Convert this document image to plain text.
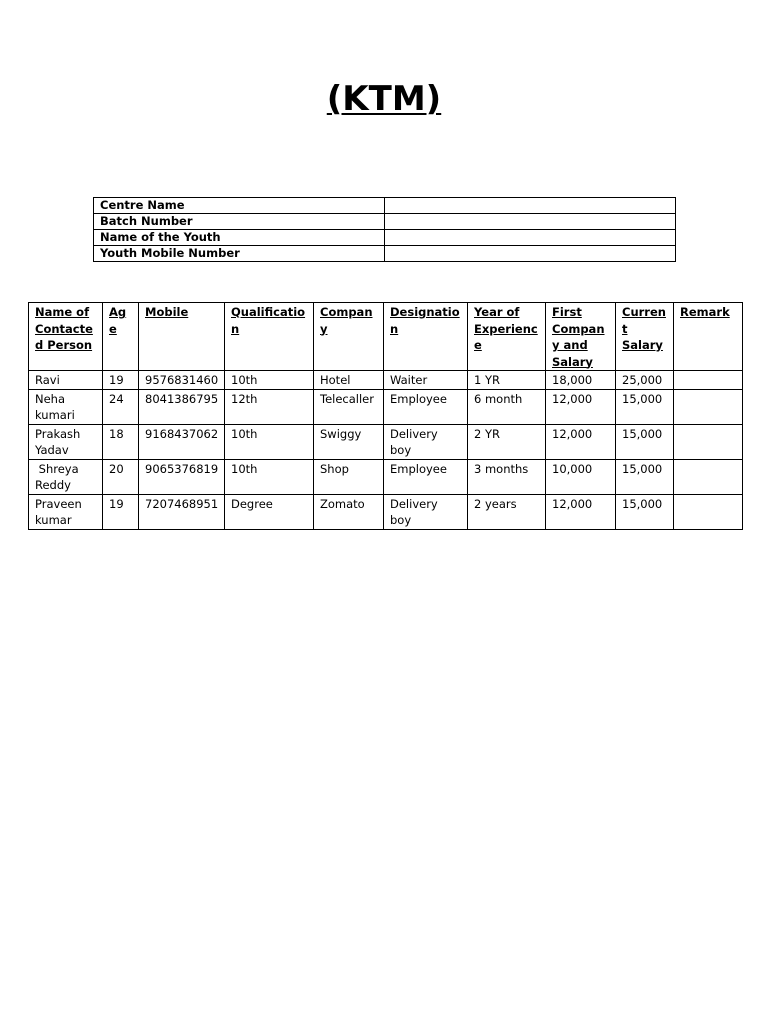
(KTM)
Centre Name	
Batch Number	
Name of the Youth	
Youth Mobile Number	
Name of Contacted Person	Age	Mobile	Qualification	Company	Designation	Year of Experience	First Company and Salary	Current Salary	Remark
Ravi	19	9576831460	10th	Hotel	Waiter	1 YR	18,000	25,000	
Neha kumari	24	8041386795	12th	Telecaller	Employee	6 month	12,000	15,000	
Prakash Yadav	18	9168437062	10th	Swiggy	Delivery boy	2 YR	12,000	15,000	
Shreya Reddy	20	9065376819	10th	Shop	Employee	3 months	10,000	15,000	
Praveen kumar	19	7207468951	Degree	Zomato	Delivery boy	2 years	12,000	15,000	
